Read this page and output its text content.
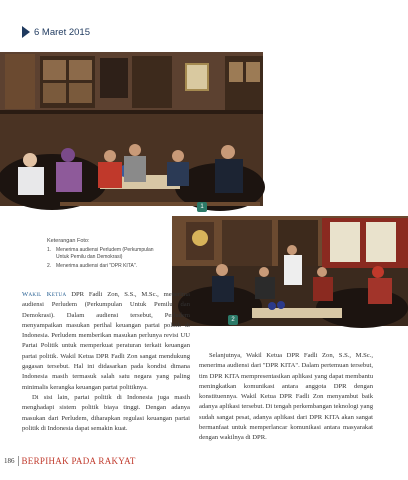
6 Maret 2015
1
2
Keterangan Foto:
1. Menerima audiensi Perludem (Perkumpulan Untuk Pemilu dan Demokrasi)
2. Menerima audiensi dari "DPR KITA".

Wakil Ketua DPR Fadli Zon, S.S., M.Sc., menerima audiensi Perludem (Perkumpulan Untuk Pemilu dan Demokrasi). Dalam audiensi tersebut, Perludem menyampaikan masukan perihal keuangan partai politik di Indonesia. Perludem memberikan masukan perlunya revisi UU Partai Politik untuk memperkuat peraturan terkait keuangan partai politik. Wakil Ketua DPR Fadli Zon sangat mendukung gagasan tersebut. Hal ini didasarkan pada kondisi dimana Indonesia masih termasuk salah satu negara yang paling minimalis kerangka keuangan partai politiknya.

Di sisi lain, partai politik di Indonesia juga masih menghadapi sistem politik biaya tinggi. Dengan adanya masukan dari Perludem, diharapkan regulasi keuangan partai politik di Indonesia dapat semakin kuat.

Selanjutnya, Wakil Ketua DPR Fadli Zon, S.S., M.Sc., menerima audiensi dari "DPR KITA". Dalam pertemuan tersebut, tim DPR KITA mempresentasikan aplikasi yang dapat membantu meningkatkan komunikasi antara anggota DPR dengan konstituennya. Wakil Ketua DPR Fadli Zon menyambut baik adanya aplikasi tersebut. Di tengah perkembangan teknologi yang sudah sangat pesat, adanya aplikasi dari DPR KITA akan sangat bermanfaat untuk memperlancar komunikasi antara masyarakat dengan wakilnya di DPR.

186 BERPIHAK PADA RAKYAT
